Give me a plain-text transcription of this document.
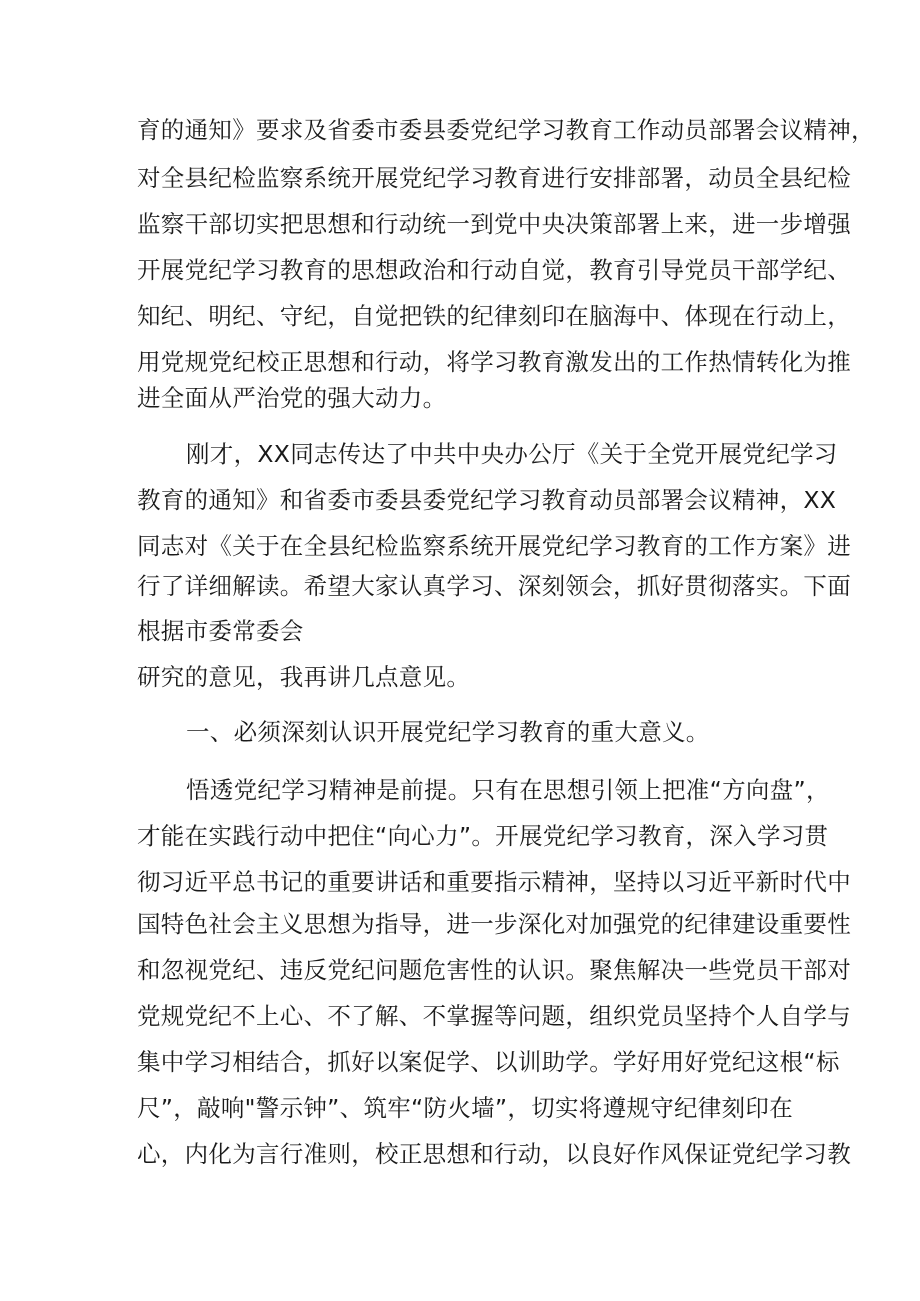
育的通知》要求及省委市委县委党纪学习教育工作动员部署会议精神，
对全县纪检监察系统开展党纪学习教育进行安排部署，动员全县纪检
监察干部切实把思想和行动统一到党中央决策部署上来，进一步增强
开展党纪学习教育的思想政治和行动自觉，教育引导党员干部学纪、
知纪、明纪、守纪，自觉把铁的纪律刻印在脑海中、体现在行动上，
用党规党纪校正思想和行动，将学习教育激发出的工作热情转化为推
进全面从严治党的强大动力。
刚才，XX同志传达了中共中央办公厅《关于全党开展党纪学习
教育的通知》和省委市委县委党纪学习教育动员部署会议精神，XX
同志对《关于在全县纪检监察系统开展党纪学习教育的工作方案》进
行了详细解读。希望大家认真学习、深刻领会，抓好贯彻落实。下面
根据市委常委会
研究的意见，我再讲几点意见。
一、必须深刻认识开展党纪学习教育的重大意义。
悟透党纪学习精神是前提。只有在思想引领上把准“方向盘”，
才能在实践行动中把住“向心力”。开展党纪学习教育，深入学习贯
彻习近平总书记的重要讲话和重要指示精神，坚持以习近平新时代中
国特色社会主义思想为指导，进一步深化对加强党的纪律建设重要性
和忽视党纪、违反党纪问题危害性的认识。聚焦解决一些党员干部对
党规党纪不上心、不了解、不掌握等问题，组织党员坚持个人自学与
集中学习相结合，抓好以案促学、以训助学。学好用好党纪这根“标
尺”，敲响"警示钟”、筑牢“防火墙”，切实将遵规守纪律刻印在
心，内化为言行准则，校正思想和行动，以良好作风保证党纪学习教
